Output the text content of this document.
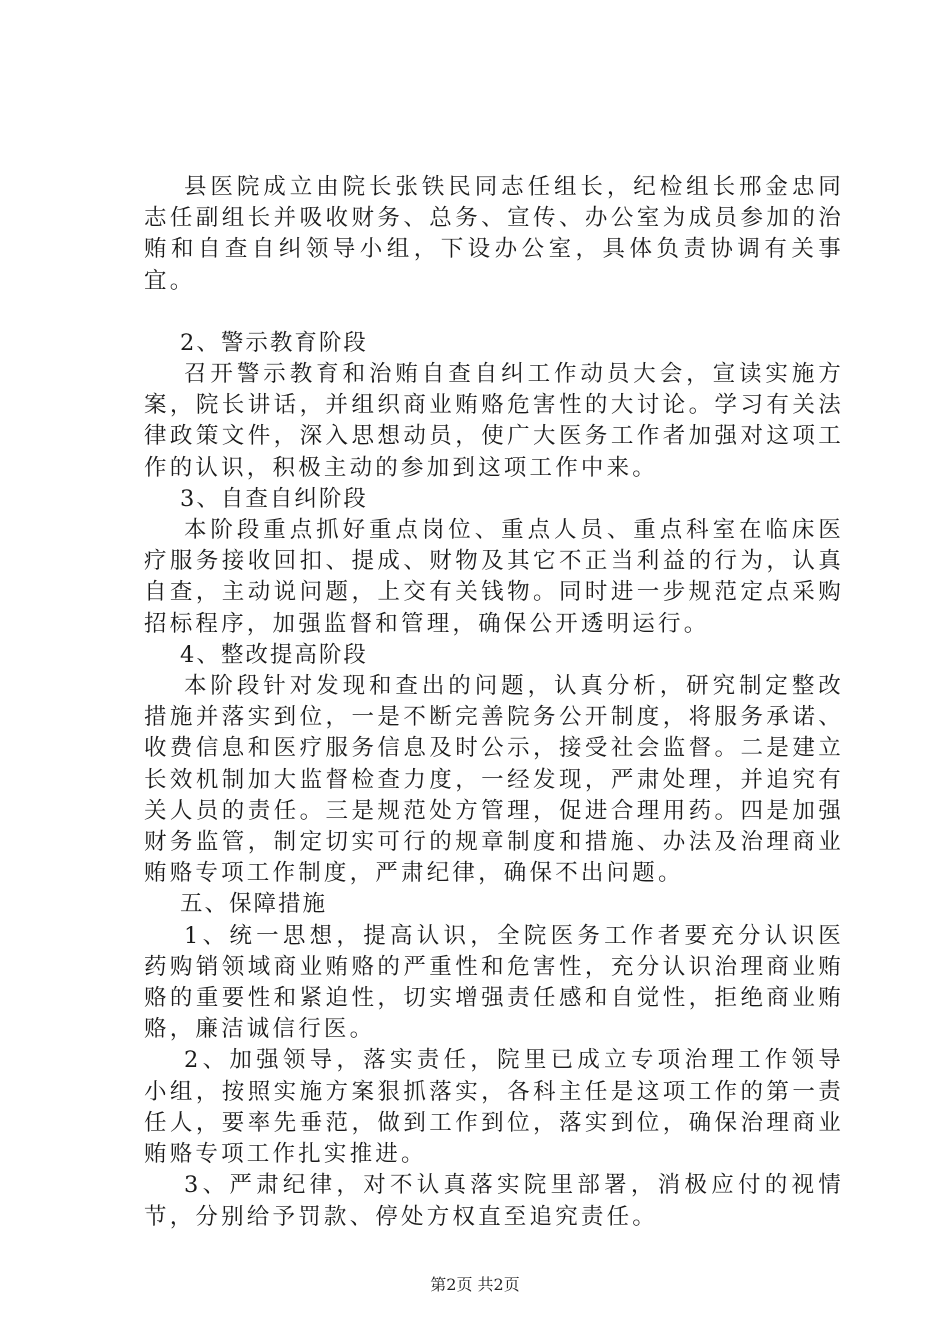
县医院成立由院长张铁民同志任组长，纪检组长邢金忠同志任副组长并吸收财务、总务、宣传、办公室为成员参加的治贿和自查自纠领导小组，下设办公室，具体负责协调有关事宜。

2、警示教育阶段

召开警示教育和治贿自查自纠工作动员大会，宣读实施方案，院长讲话，并组织商业贿赂危害性的大讨论。学习有关法律政策文件，深入思想动员，使广大医务工作者加强对这项工作的认识，积极主动的参加到这项工作中来。

3、自查自纠阶段

本阶段重点抓好重点岗位、重点人员、重点科室在临床医疗服务接收回扣、提成、财物及其它不正当利益的行为，认真自查，主动说问题，上交有关钱物。同时进一步规范定点采购招标程序，加强监督和管理，确保公开透明运行。

4、整改提高阶段

本阶段针对发现和查出的问题，认真分析，研究制定整改措施并落实到位，一是不断完善院务公开制度，将服务承诺、收费信息和医疗服务信息及时公示，接受社会监督。二是建立长效机制加大监督检查力度，一经发现，严肃处理，并追究有关人员的责任。三是规范处方管理，促进合理用药。四是加强财务监管，制定切实可行的规章制度和措施、办法及治理商业贿赂专项工作制度，严肃纪律，确保不出问题。

五、保障措施

1、统一思想，提高认识，全院医务工作者要充分认识医药购销领域商业贿赂的严重性和危害性，充分认识治理商业贿赂的重要性和紧迫性，切实增强责任感和自觉性，拒绝商业贿赂，廉洁诚信行医。

2、加强领导，落实责任，院里已成立专项治理工作领导小组，按照实施方案狠抓落实，各科主任是这项工作的第一责任人，要率先垂范，做到工作到位，落实到位，确保治理商业贿赂专项工作扎实推进。

3、严肃纪律，对不认真落实院里部署，消极应付的视情节，分别给予罚款、停处方权直至追究责任。

第2页 共2页
